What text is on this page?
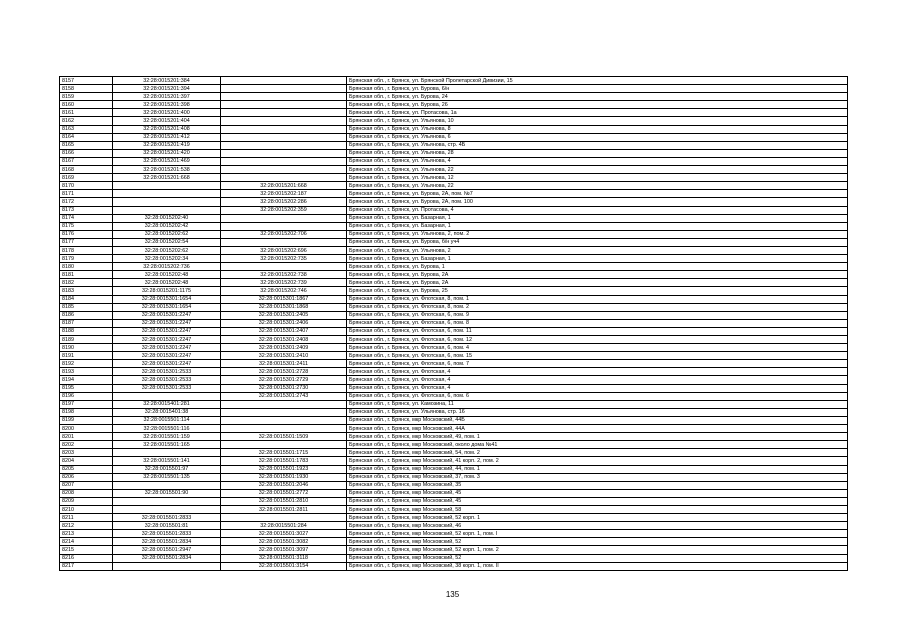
8157	32:28:0015201:384		Брянская обл., г. Брянск, ул. Брянской Пролетарской Дивизии, 15
8158	32:28:0015201:394		Брянская обл., г. Брянск, ул. Бурова, 6/н
8159	32:28:0015201:397		Брянская обл., г. Брянск, ул. Бурова, 24
8160	32:28:0015201:398		Брянская обл., г. Брянск, ул. Бурова, 26
8161	32:28:0015201:400		Брянская обл., г. Брянск, ул. Протасова, 1а
8162	32:28:0015201:404		Брянская обл., г. Брянск, ул. Ульянова, 10
8163	32:28:0015201:408		Брянская обл., г. Брянск, ул. Ульянова, 8
8164	32:28:0015201:412		Брянская обл., г. Брянск, ул. Ульянова, 6
8165	32:28:0015201:419		Брянская обл., г. Брянск, ул. Ульянова, стр. 4Б
8166	32:28:0015201:420		Брянская обл., г. Брянск, ул. Ульянова, 28
8167	32:28:0015201:469		Брянская обл., г. Брянск, ул. Ульянова, 4
8168	32:28:0015201:538		Брянская обл., г. Брянск, ул. Ульянова, 22
8169	32:28:0015201:668		Брянская обл., г. Брянск, ул. Ульянова, 12
8170		32:28:0015201:668	Брянская обл., г. Брянск, ул. Ульянова, 22
8171		32:28:0015202:187	Брянская обл., г. Брянск, ул. Бурова, 2А, пом. №7
8172		32:28:0015202:286	Брянская обл., г. Брянск, ул. Бурова, 2А, пом. 100
8173		32:28:0015202:359	Брянская обл., г. Брянск, ул. Протасова, 4
8174	32:28:0015202:40		Брянская обл., г. Брянск, ул. Базарная, 1
8175	32:28:0015202:42		Брянская обл., г. Брянск, ул. Базарная, 1
8176	32:28:0015202:62	32:28:0015202:706	Брянская обл., г. Брянск, ул. Ульянова, 2, пом. 2
8177	32:28:0015202:54		Брянская обл., г. Брянск, ул. Бурова, б/н уч4
8178	32:28:0015202:62	32:28:0015202:696	Брянская обл., г. Брянск, ул. Ульянова, 2
8179	32:28:0015202:34	32:28:0015202:735	Брянская обл., г. Брянск, ул. Базарная, 1
8180	32:28:0015202:736		Брянская обл., г. Брянск, ул. Бурова, 1
8181	32:28:0015202:48	32:28:0015202:738	Брянская обл., г. Брянск, ул. Бурова, 2А
8182	32:28:0015202:48	32:28:0015202:739	Брянская обл., г. Брянск, ул. Бурова, 2А
8183	32:28:0015201:1175	32:28:0015202:746	Брянская обл., г. Брянск, ул. Бурова, 25
8184	32:28:0015301:1654	32:28:0015301:1867	Брянская обл., г. Брянск, ул. Флотская, 8, пом. 1
8185	32:28:0015301:1654	32:28:0015301:1868	Брянская обл., г. Брянск, ул. Флотская, 8, пом. 2
8186	32:28:0015301:2247	32:28:0015301:2405	Брянская обл., г. Брянск, ул. Флотская, 6, пом. 9
8187	32:28:0015301:2247	32:28:0015301:2406	Брянская обл., г. Брянск, ул. Флотская, 6, пом. 8
8188	32:28:0015301:2247	32:28:0015301:2407	Брянская обл., г. Брянск, ул. Флотская, 6, пом. 11
8189	32:28:0015301:2247	32:28:0015301:2408	Брянская обл., г. Брянск, ул. Флотская, 6, пом. 12
8190	32:28:0015301:2247	32:28:0015301:2409	Брянская обл., г. Брянск, ул. Флотская, 6, пом. 4
8191	32:28:0015301:2247	32:28:0015301:2410	Брянская обл., г. Брянск, ул. Флотская, 6, пом. 15
8192	32:28:0015301:2247	32:28:0015301:2411	Брянская обл., г. Брянск, ул. Флотская, 6, пом. 7
8193	32:28:0015301:2533	32:28:0015301:2728	Брянская обл., г. Брянск, ул. Флотская, 4
8194	32:28:0015301:2533	32:28:0015301:2729	Брянская обл., г. Брянск, ул. Флотская, 4
8195	32:28:0015301:2533	32:28:0015301:2730	Брянская обл., г. Брянск, ул. Флотская, 4
8196		32:28:0015301:2743	Брянская обл., г. Брянск, ул. Флотская, 6, пом. 6
8197	32:28:0015401:281		Брянская обл., г. Брянск, ул. Камозина, 11
8198	32:28:0015401:38		Брянская обл., г. Брянск, ул. Ульянова, стр. 16
8199	32:28:0015501:114		Брянская обл., г. Брянск, мкр Московский, 44Б
8200	32:28:0015501:116		Брянская обл., г. Брянск, мкр Московский, 44А
8201	32:28:0015501:159	32:28:0015501:1509	Брянская обл., г. Брянск, мкр Московский, 49, пом. 1
8202	32:28:0015501:165		Брянская обл., г. Брянск, мкр Московский, около дома №41
8203		32:28:0015501:1715	Брянская обл., г. Брянск, мкр Московский, 54, пом. 2
8204	32:28:0015501:141	32:28:0015501:1783	Брянская обл., г. Брянск, мкр Московский, 41 корп. 2, пом. 2
8205	32:28:0015501:97	32:28:0015501:1923	Брянская обл., г. Брянск, мкр Московский, 44, пом. 1
8206	32:28:0015501:135	32:28:0015501:1930	Брянская обл., г. Брянск, мкр Московский, 37, пом. 3
8207		32:28:0015501:2046	Брянская обл., г. Брянск, мкр Московский, 35
8208	32:28:0015501:90	32:28:0015501:2772	Брянская обл., г. Брянск, мкр Московский, 45
8209		32:28:0015501:2810	Брянская обл., г. Брянск, мкр Московский, 45
8210		32:28:0015501:2811	Брянская обл., г. Брянск, мкр Московский, 58
8211	32:28:0015501:2833		Брянская обл., г. Брянск, мкр Московский, 52 корп. 1
8212	32:28:0015501:81	32:28:0015501:284	Брянская обл., г. Брянск, мкр Московский, 46
8213	32:28:0015501:2833	32:28:0015501:3027	Брянская обл., г. Брянск, мкр Московский, 52 корп. 1, пом. I
8214	32:28:0015501:2834	32:28:0015501:3082	Брянская обл., г. Брянск, мкр Московский, 52
8215	32:28:0015501:2947	32:28:0015501:3097	Брянская обл., г. Брянск, мкр Московский, 52 корп. 1, пом. 2
8216	32:28:0015501:2834	32:28:0015501:3118	Брянская обл., г. Брянск, мкр Московский, 52
8217		32:28:0015501:3154	Брянская обл., г. Брянск, мкр Московский, 38 корп. 1, пом. II
135
